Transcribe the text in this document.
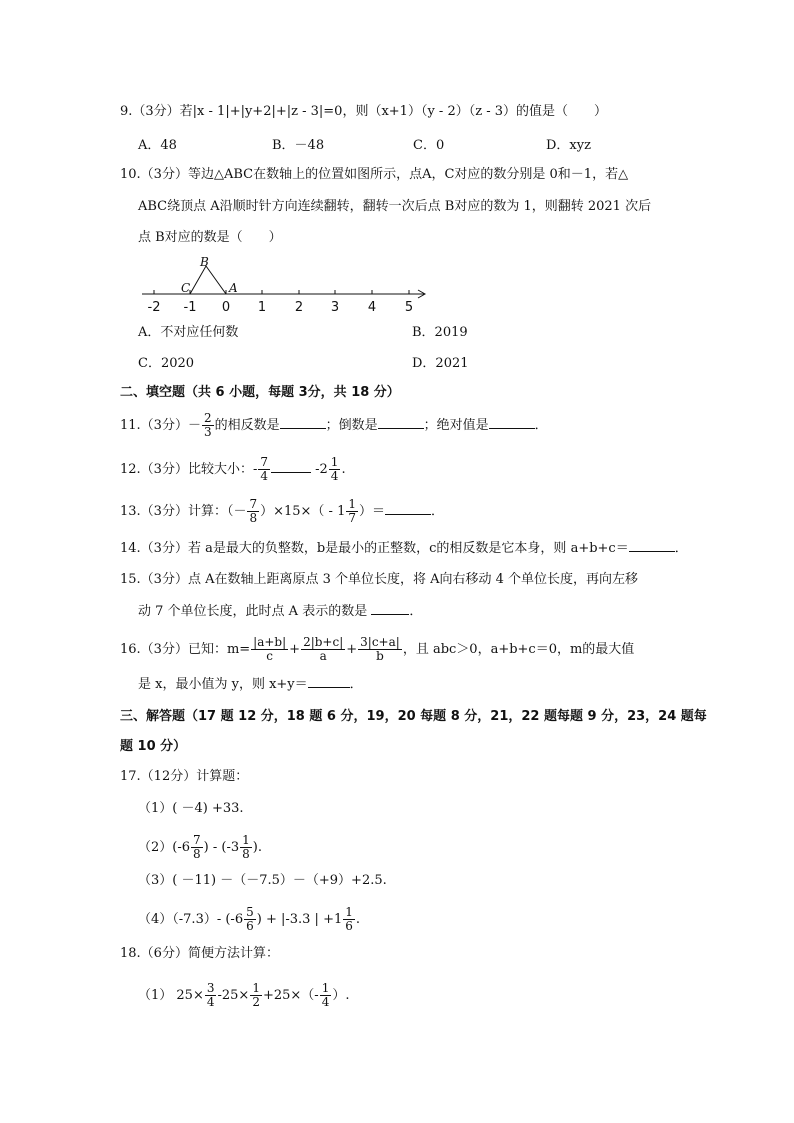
9.（3分）若|x - 1|+|y+2|+|z - 3|=0，则（x+1）（y - 2）（z - 3）的值是（　　）
A．48	B．－48	C．0	D．xyz
10.（3分）等边△ABC在数轴上的位置如图所示，点A，C对应的数分别是 0和－1，若△
ABC绕顶点 A沿顺时针方向连续翻转，翻转一次后点 B对应的数为 1，则翻转 2021 次后
点 B对应的数是（　　）
-2 -1 0 1 2 3 4 5
B
C	A
A．不对应任何数	B．2019
C．2020	D．2021
二、填空题（共 6 小题，每题 3分，共 18 分）
11.（3分）－ $\frac{2}{3}$ 的相反数是	；倒数是	；绝对值是	．
12.（3分）比较大小：- $\frac{7}{4}$	$-2 \frac{1}{4}$ .
13.（3分）计算：（－ $\frac{7}{8} )\times 15\times( - 1 \frac{1}{7}$ ）＝	．
14.（3分）若 a是最大的负整数，b是最小的正整数，c的相反数是它本身，则 a+b+c＝	．
15.（3分）点 A在数轴上距离原点 3 个单位长度，将 A向右移动 4 个单位长度，再向左移
动 7 个单位长度，此时点 A 表示的数是	．
16.（3分）已知：$m= \frac{|a+b|}{c} + \frac{2|b+c|}{a} + \frac{3|c+a|}{b}$ ，且 abc＞0，a+b+c＝0，m的最大值
是 x，最小值为 y，则 x+y＝	．
三、解答题（17 题 12 分，18 题 6 分，19，20 每题 8 分，21，22 题每题 9 分，23，24 题每
题 10 分）
17.（12分）计算题：
（1）( －4) +33.
$(2)(-6 \frac{7}{8}$ ) - ($-3 \frac{1}{8}$ ).
（3）( －11) －（－7.5）－（+9）+2.5.
（4）（-7.3）- ($-6 \frac{5}{6}$ ) + |-3.3 | $+1 \frac{1}{6}$ .
18.（6分）简便方法计算：
（1） $25\times \frac{3}{4} -25\times \frac{1}{2} +25\times(- \frac{1}{4}$ ）.
